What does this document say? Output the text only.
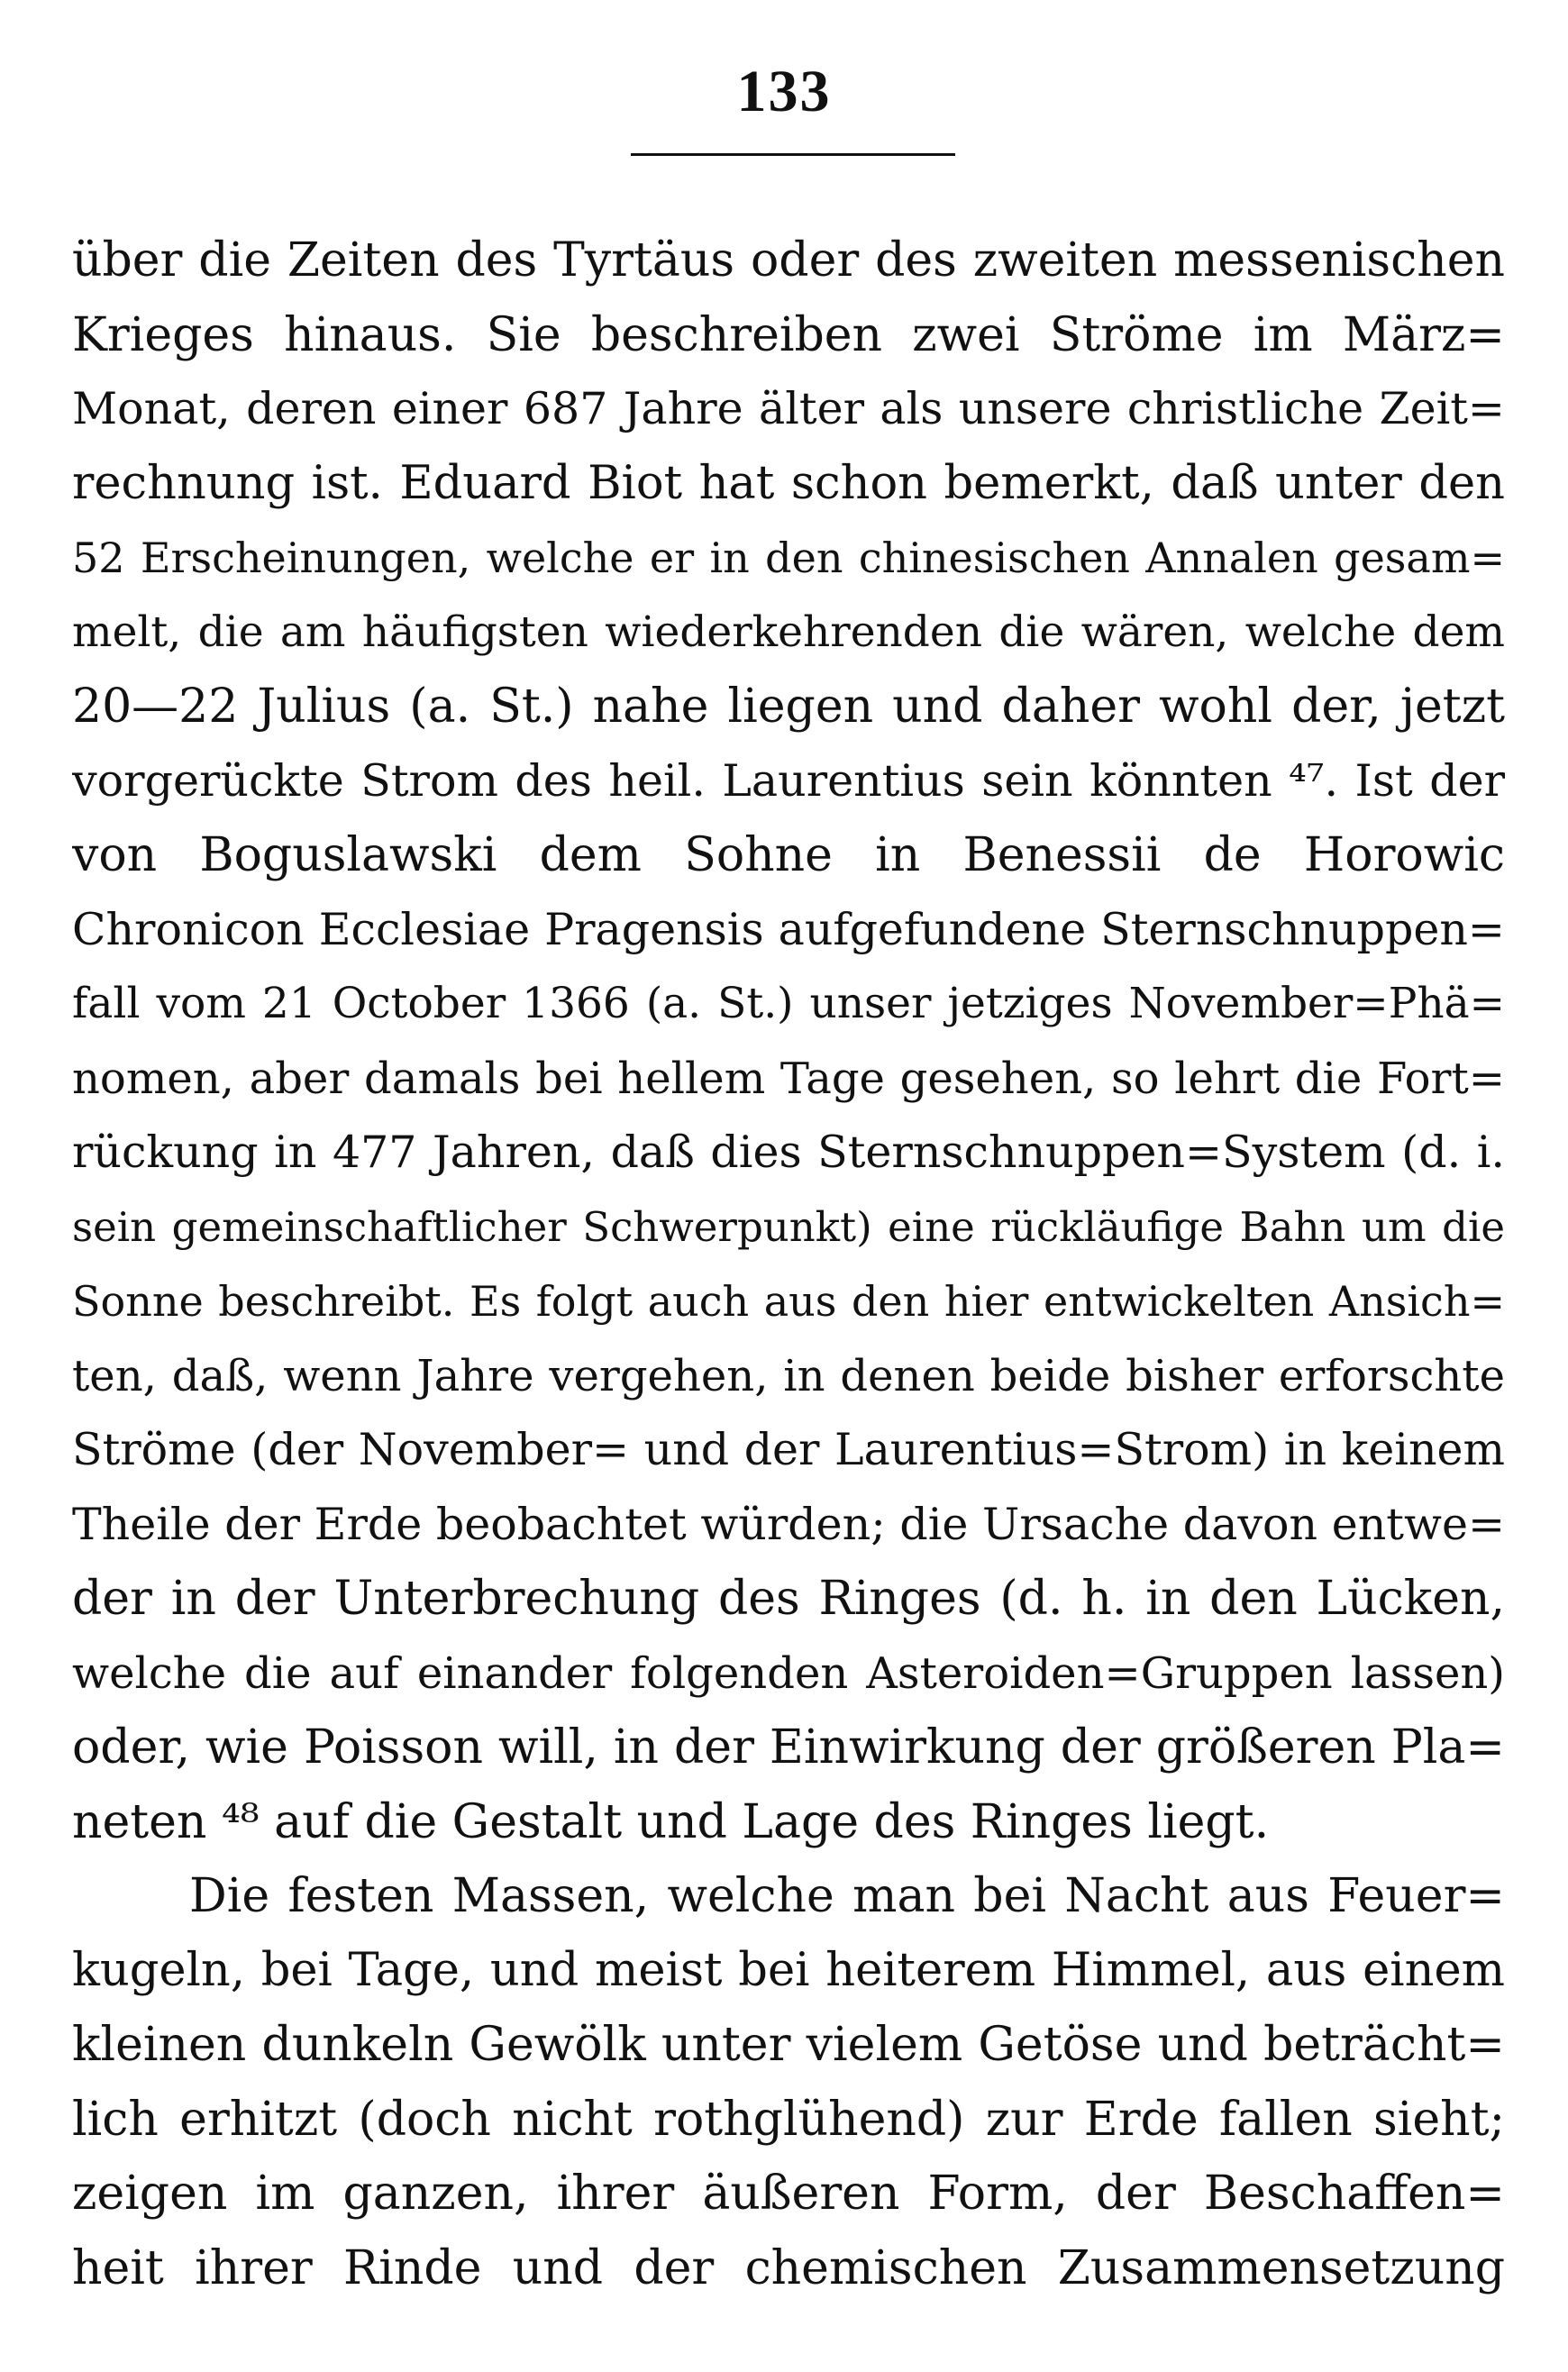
133
über die Zeiten des Tyrtäus oder des zweiten messenischen
Krieges hinaus. Sie beschreiben zwei Ströme im März=
Monat, deren einer 687 Jahre älter als unsere christliche Zeit=
rechnung ist. Eduard Biot hat schon bemerkt, daß unter den
52 Erscheinungen, welche er in den chinesischen Annalen gesam=
melt, die am häufigsten wiederkehrenden die wären, welche dem
20—22 Julius (a. St.) nahe liegen und daher wohl der, jetzt
vorgerückte Strom des heil. Laurentius sein könnten ⁴⁷. Ist der
von Boguslawski dem Sohne in Benessii de Horowic
Chronicon Ecclesiae Pragensis aufgefundene Sternschnuppen=
fall vom 21 October 1366 (a. St.) unser jetziges November=Phä=
nomen, aber damals bei hellem Tage gesehen, so lehrt die Fort=
rückung in 477 Jahren, daß dies Sternschnuppen=System (d. i.
sein gemeinschaftlicher Schwerpunkt) eine rückläufige Bahn um die
Sonne beschreibt. Es folgt auch aus den hier entwickelten Ansich=
ten, daß, wenn Jahre vergehen, in denen beide bisher erforschte
Ströme (der November= und der Laurentius=Strom) in keinem
Theile der Erde beobachtet würden; die Ursache davon entwe=
der in der Unterbrechung des Ringes (d. h. in den Lücken,
welche die auf einander folgenden Asteroiden=Gruppen lassen)
oder, wie Poisson will, in der Einwirkung der größeren Pla=
neten ⁴⁸ auf die Gestalt und Lage des Ringes liegt.
Die festen Massen, welche man bei Nacht aus Feuer=
kugeln, bei Tage, und meist bei heiterem Himmel, aus einem
kleinen dunkeln Gewölk unter vielem Getöse und beträcht=
lich erhitzt (doch nicht rothglühend) zur Erde fallen sieht;
zeigen im ganzen, ihrer äußeren Form, der Beschaffen=
heit ihrer Rinde und der chemischen Zusammensetzung
